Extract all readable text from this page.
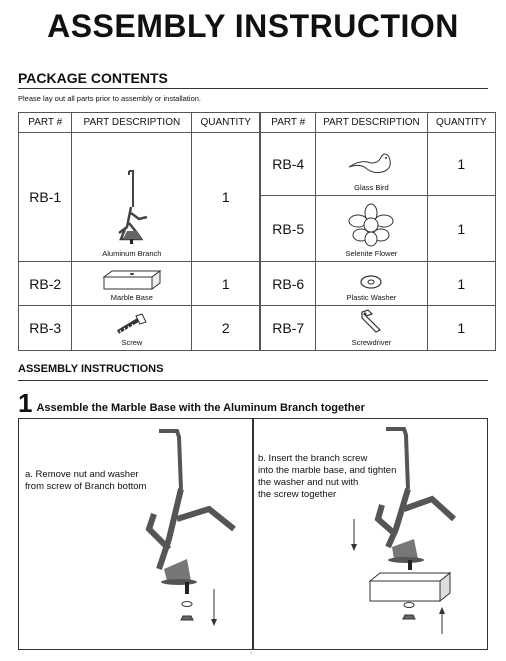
ASSEMBLY INSTRUCTION
PACKAGE CONTENTS
Please lay out all parts prior to assembly or installation.
PART #	PART DESCRIPTION	QUANTITY	PART #	PART DESCRIPTION	QUANTITY
RB-1	Aluminum Branch	1	RB-4	Glass Bird	1
			RB-5	Selenite Flower	1
RB-2	Marble Base	1	RB-6	Plastic Washer	1
RB-3	Screw	2	RB-7	Screwdriver	1
ASSEMBLY INSTRUCTIONS
1 Assemble the Marble Base with the Aluminum Branch together
a. Remove nut and washer
from screw of Branch bottom
b. Insert the branch screw
into the marble base, and tighten
the washer and nut with
the screw together
1
